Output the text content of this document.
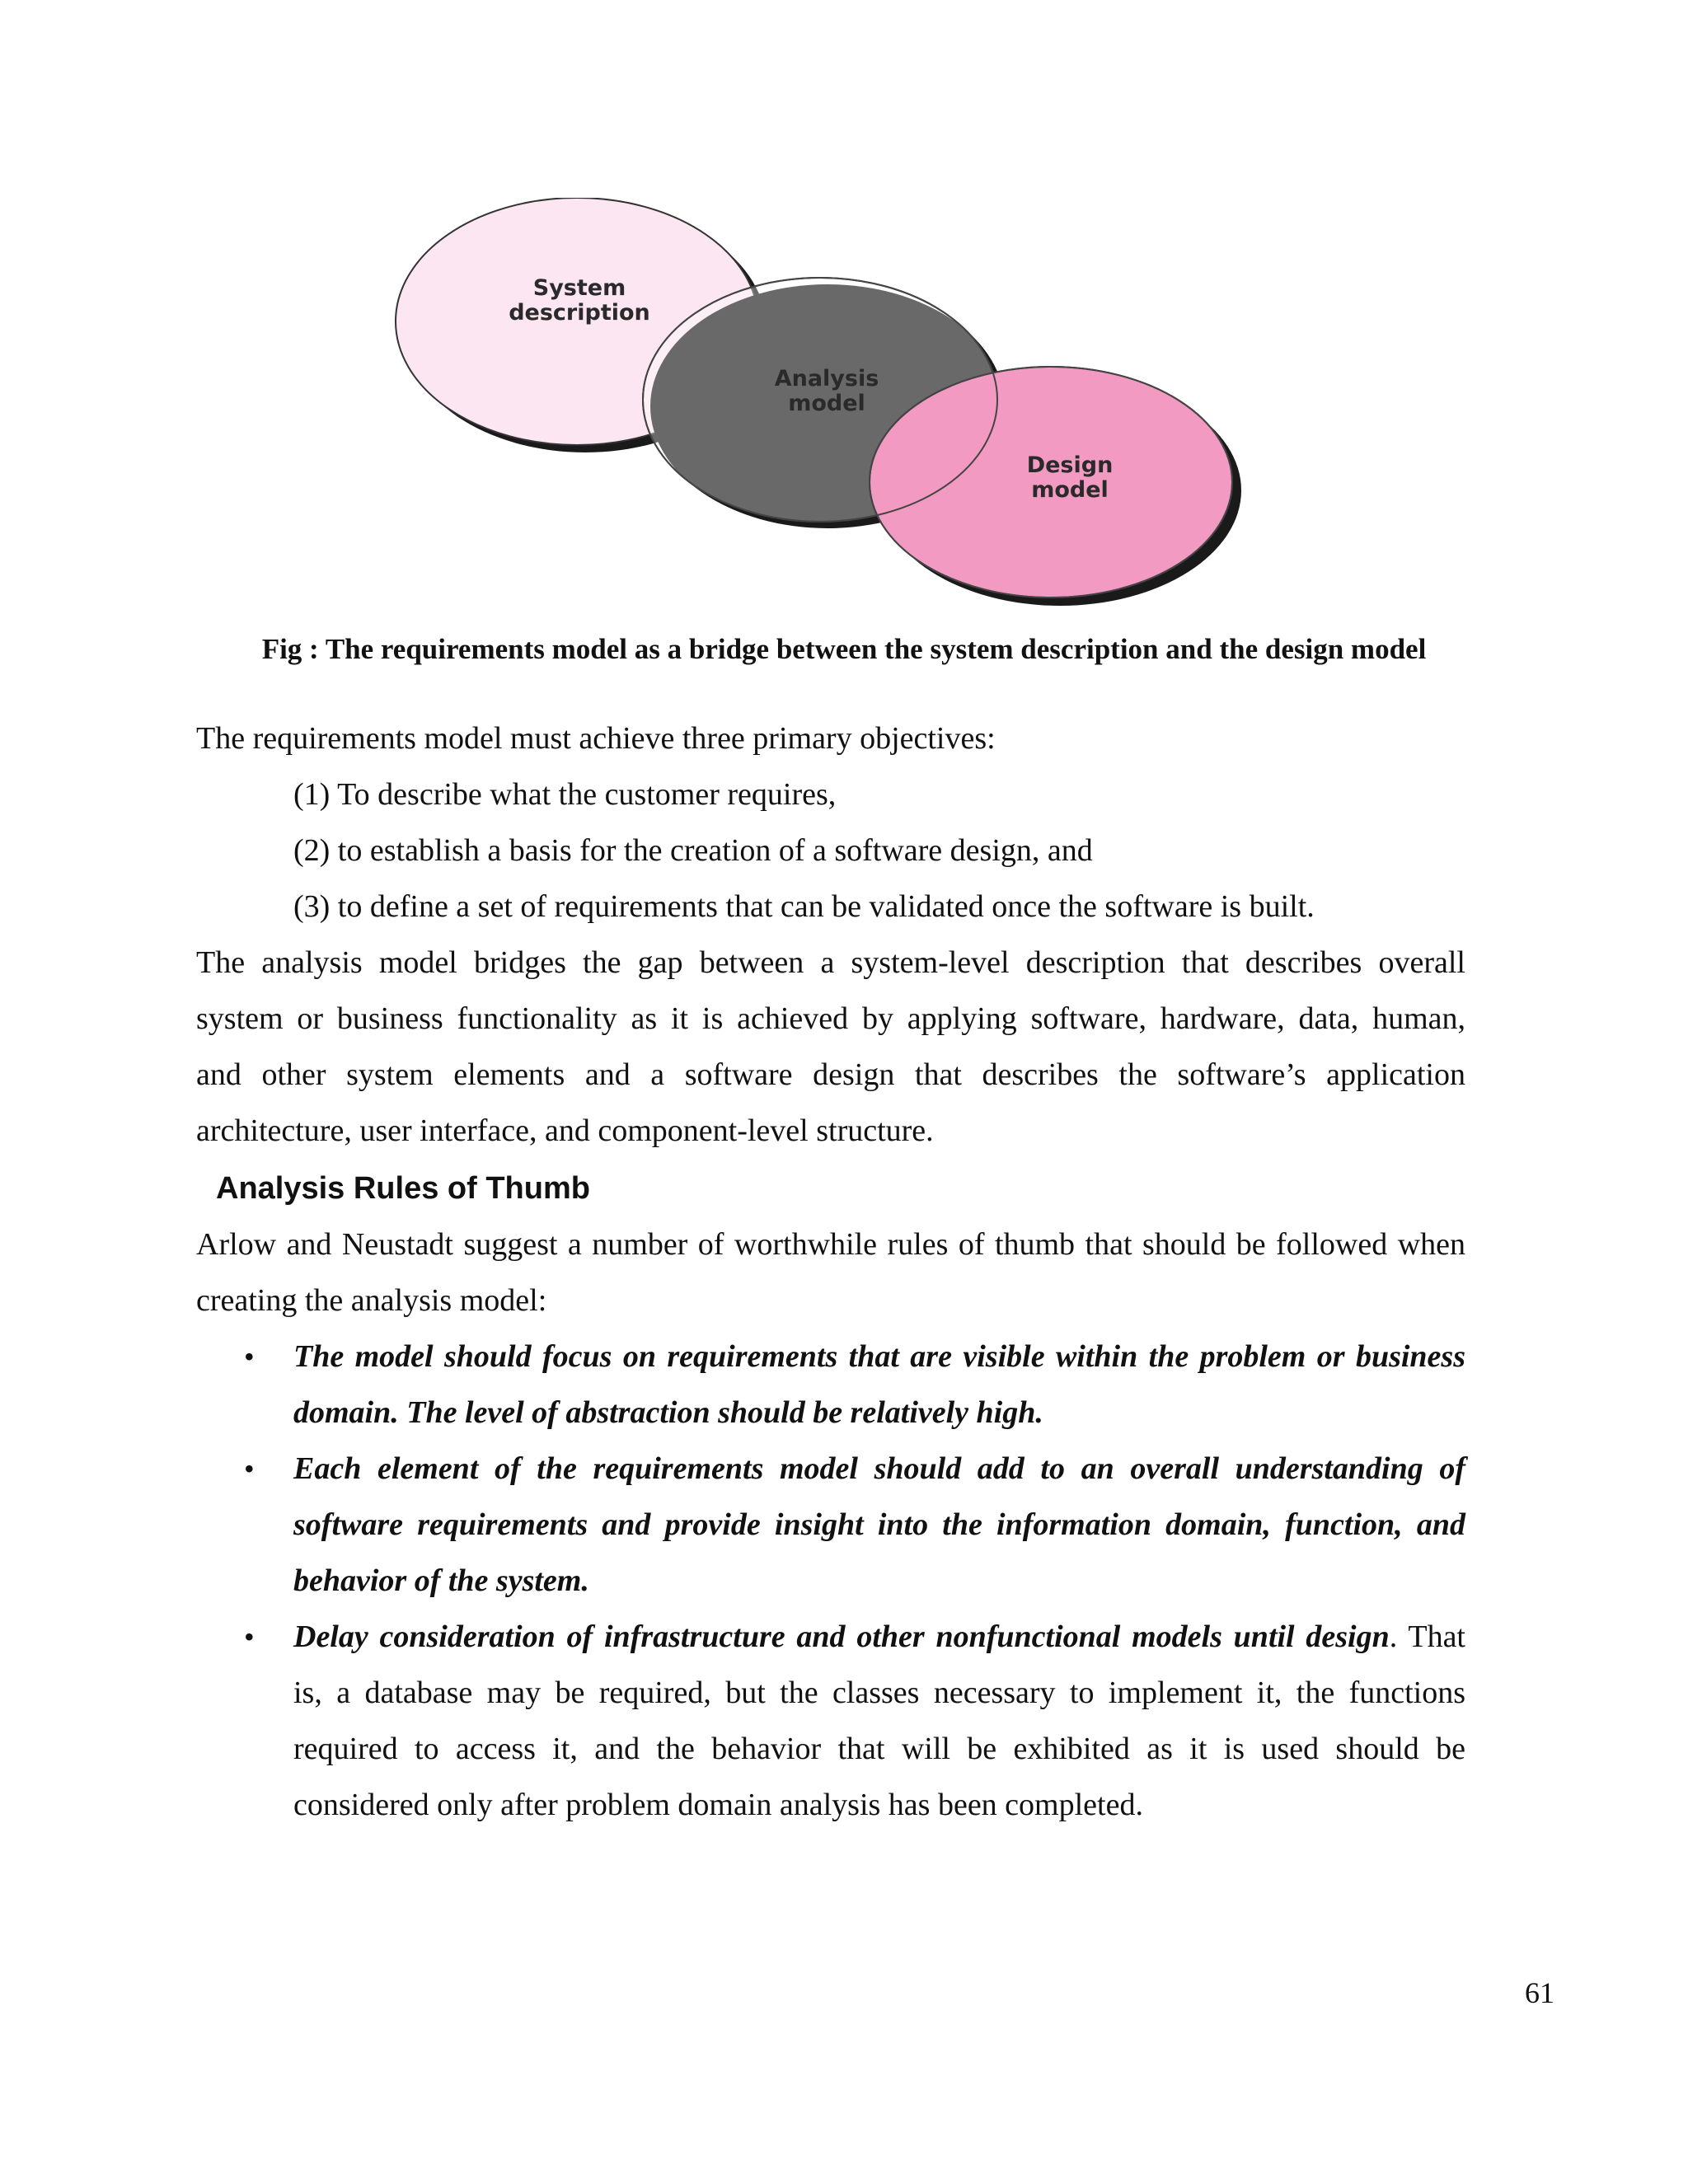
System description
Analysis model
Design model
Fig : The requirements model as a bridge between the system description and the design model
The requirements model must achieve three primary objectives:
(1) To describe what the customer requires,
(2) to establish a basis for the creation of a software design, and
(3) to define a set of requirements that can be validated once the software is built.
The analysis model bridges the gap between a system-level description that describes overall
system or business functionality as it is achieved by applying software, hardware, data, human,
and other system elements and a software design that describes the software’s application
architecture, user interface, and component-level structure.
Analysis Rules of Thumb
Arlow and Neustadt suggest a number of worthwhile rules of thumb that should be followed when
creating the analysis model:
• The model should focus on requirements that are visible within the problem or business
domain. The level of abstraction should be relatively high.
• Each element of the requirements model should add to an overall understanding of
software requirements and provide insight into the information domain, function, and
behavior of the system.
• Delay consideration of infrastructure and other nonfunctional models until design. That
is, a database may be required, but the classes necessary to implement it, the functions
required to access it, and the behavior that will be exhibited as it is used should be
considered only after problem domain analysis has been completed.
61
